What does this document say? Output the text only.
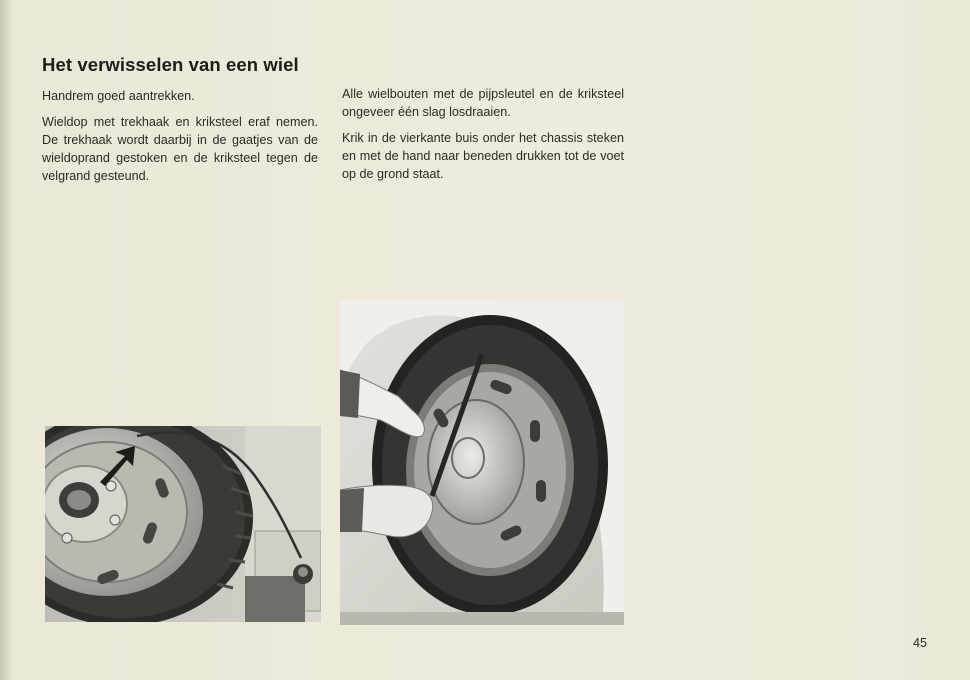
Het verwisselen van een wiel

Handrem goed aantrekken.

Wieldop met trekhaak en kriksteel eraf nemen. De trekhaak wordt daarbij in de gaatjes van de wieldoprand gestoken en de kriksteel tegen de velgrand gesteund.

Alle wielbouten met de pijpsleutel en de kriksteel ongeveer één slag losdraaien.

Krik in de vierkante buis onder het chassis steken en met de hand naar beneden drukken tot de voet op de grond staat.

45
